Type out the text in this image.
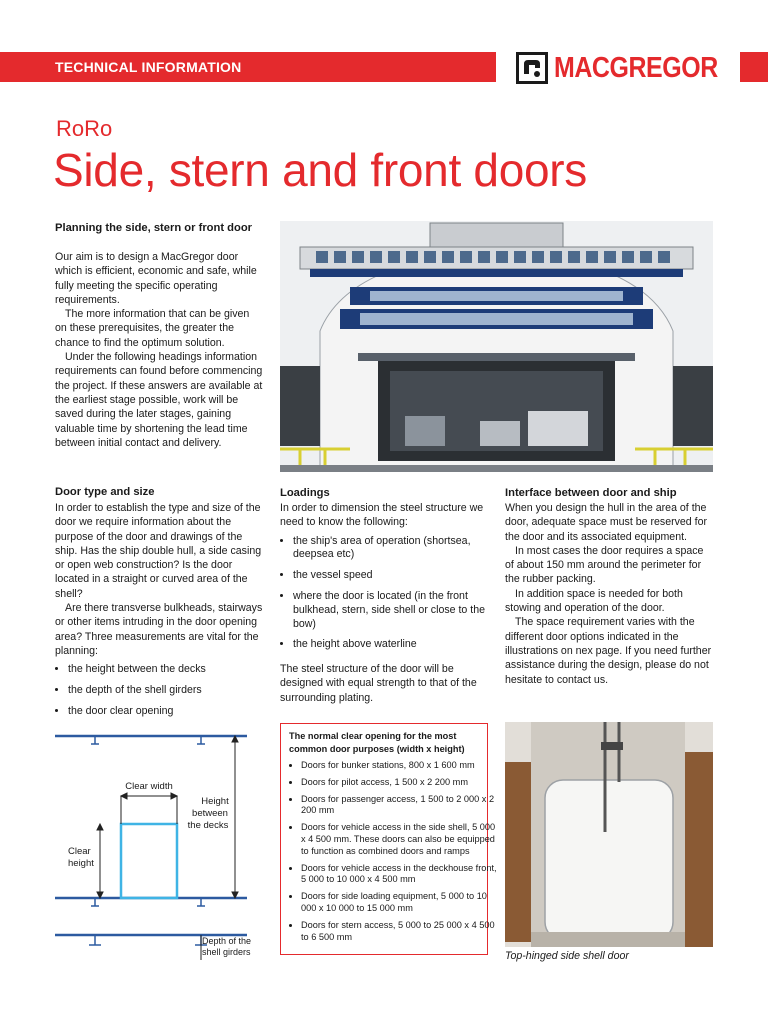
TECHNICAL INFORMATION	MACGREGOR
RoRo
Side, stern and front doors
Planning the side, stern or front door

Our aim is to design a MacGregor door which is efficient, economic and safe, while fully meeting the specific operating requirements.

The more information that can be given on these prerequisites, the greater the chance to find the optimum solution.

Under the following headings information requirements can found before commencing the project. If these answers are available at the earliest stage possible, work will be saved during the later stages, gaining valuable time by shortening the lead time between initial contact and delivery.

Door type and size

In order to establish the type and size of the door we require information about the purpose of the door and drawings of the ship. Has the ship double hull, a side casing or open web construction? Is the door located in a straight or curved area of the shell?

Are there transverse bulkheads, stairways or other items intruding in the door opening area? Three measurements are vital for the planning:

• the height between the decks
• the depth of the shell girders
• the door clear opening
Loadings

In order to dimension the steel structure we need to know the following:

• the ship's area of operation (shortsea, deepsea etc)
• the vessel speed
• where the door is located (in the front bulkhead, stern, side shell or close to the bow)
• the height above waterline

The steel structure of the door will be designed with equal strength to that of the surrounding plating.

Interface between door and ship

When you design the hull in the area of the door, adequate space must be reserved for the door and its associated equipment.

In most cases the door requires a space of about 150 mm around the perimeter for the rubber packing.

In addition space is needed for both stowing and operation of the door.

The space requirement varies with the different door options indicated in the illustrations on nex page. If you need further assistance during the design, please do not hesitate to contact us.

The normal clear opening for the most common door purposes (width x height)
• Doors for bunker stations, 800 x 1 600 mm
• Doors for pilot access, 1 500 x 2 200 mm
• Doors for passenger access, 1 500 to 2 000 x 2 200 mm
• Doors for vehicle access in the side shell, 5 000 x 4 500 mm. These doors can also be equipped to function as combined doors and ramps
• Doors for vehicle access in the deckhouse front, 5 000 to 10 000 x 4 500 mm
• Doors for side loading equipment, 5 000 to 10 000 x 10 000 to 15 000 mm
• Doors for stern access, 5 000 to 25 000 x 4 500 to 6 500 mm
Clear width
Height
between
the decks
Clear
height
Depth of the
shell girders	Top-hinged side shell door
